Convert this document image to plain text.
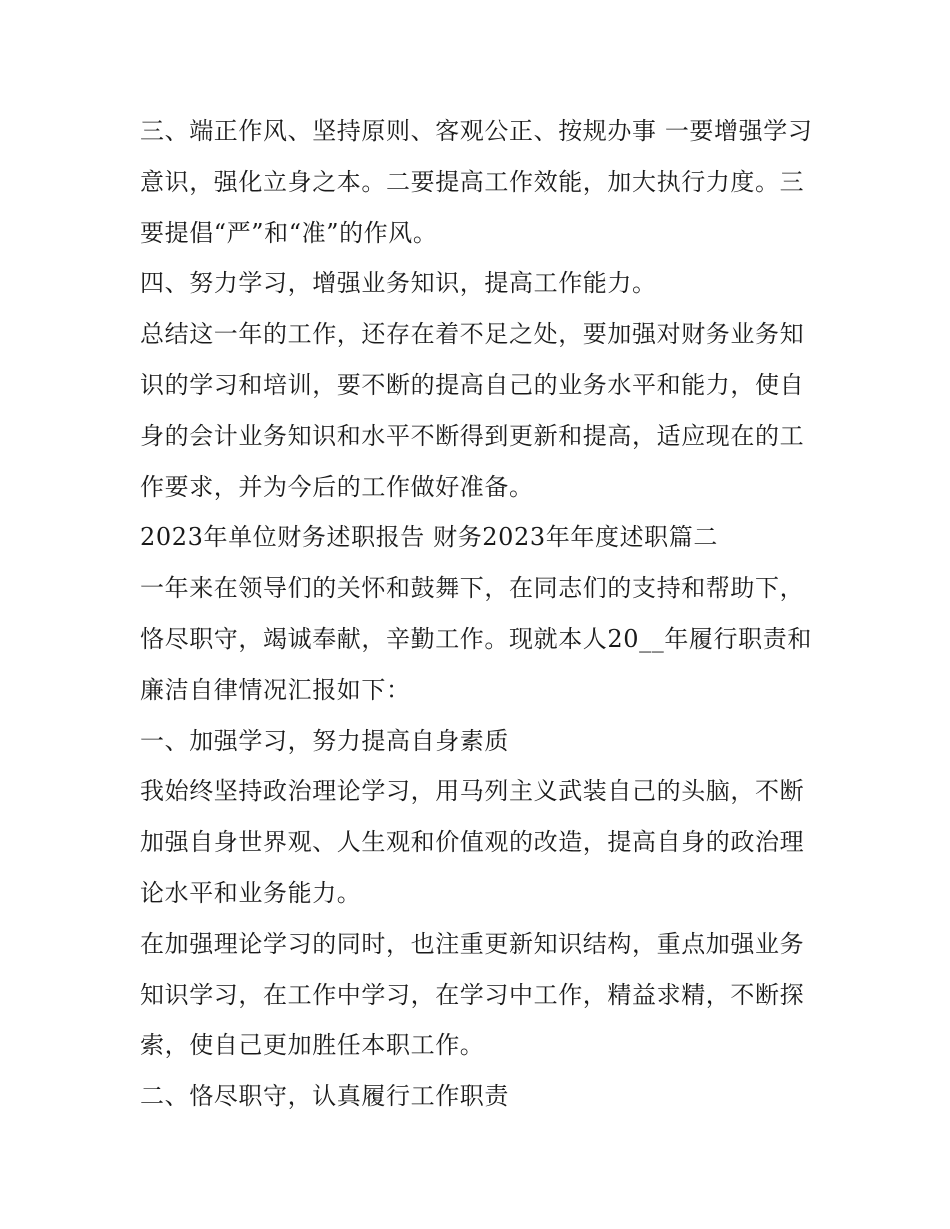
三、端正作风、坚持原则、客观公正、按规办事 一要增强学习意识，强化立身之本。二要提高工作效能，加大执行力度。三要提倡“严”和“准”的作风。

四、努力学习，增强业务知识，提高工作能力。

总结这一年的工作，还存在着不足之处，要加强对财务业务知识的学习和培训，要不断的提高自己的业务水平和能力，使自身的会计业务知识和水平不断得到更新和提高，适应现在的工作要求，并为今后的工作做好准备。

2023年单位财务述职报告 财务2023年年度述职篇二

一年来在领导们的关怀和鼓舞下，在同志们的支持和帮助下，恪尽职守，竭诚奉献，辛勤工作。现就本人20__年履行职责和廉洁自律情况汇报如下：

一、加强学习，努力提高自身素质

我始终坚持政治理论学习，用马列主义武装自己的头脑，不断加强自身世界观、人生观和价值观的改造，提高自身的政治理论水平和业务能力。

在加强理论学习的同时，也注重更新知识结构，重点加强业务知识学习，在工作中学习，在学习中工作，精益求精，不断探索，使自己更加胜任本职工作。

二、恪尽职守，认真履行工作职责
